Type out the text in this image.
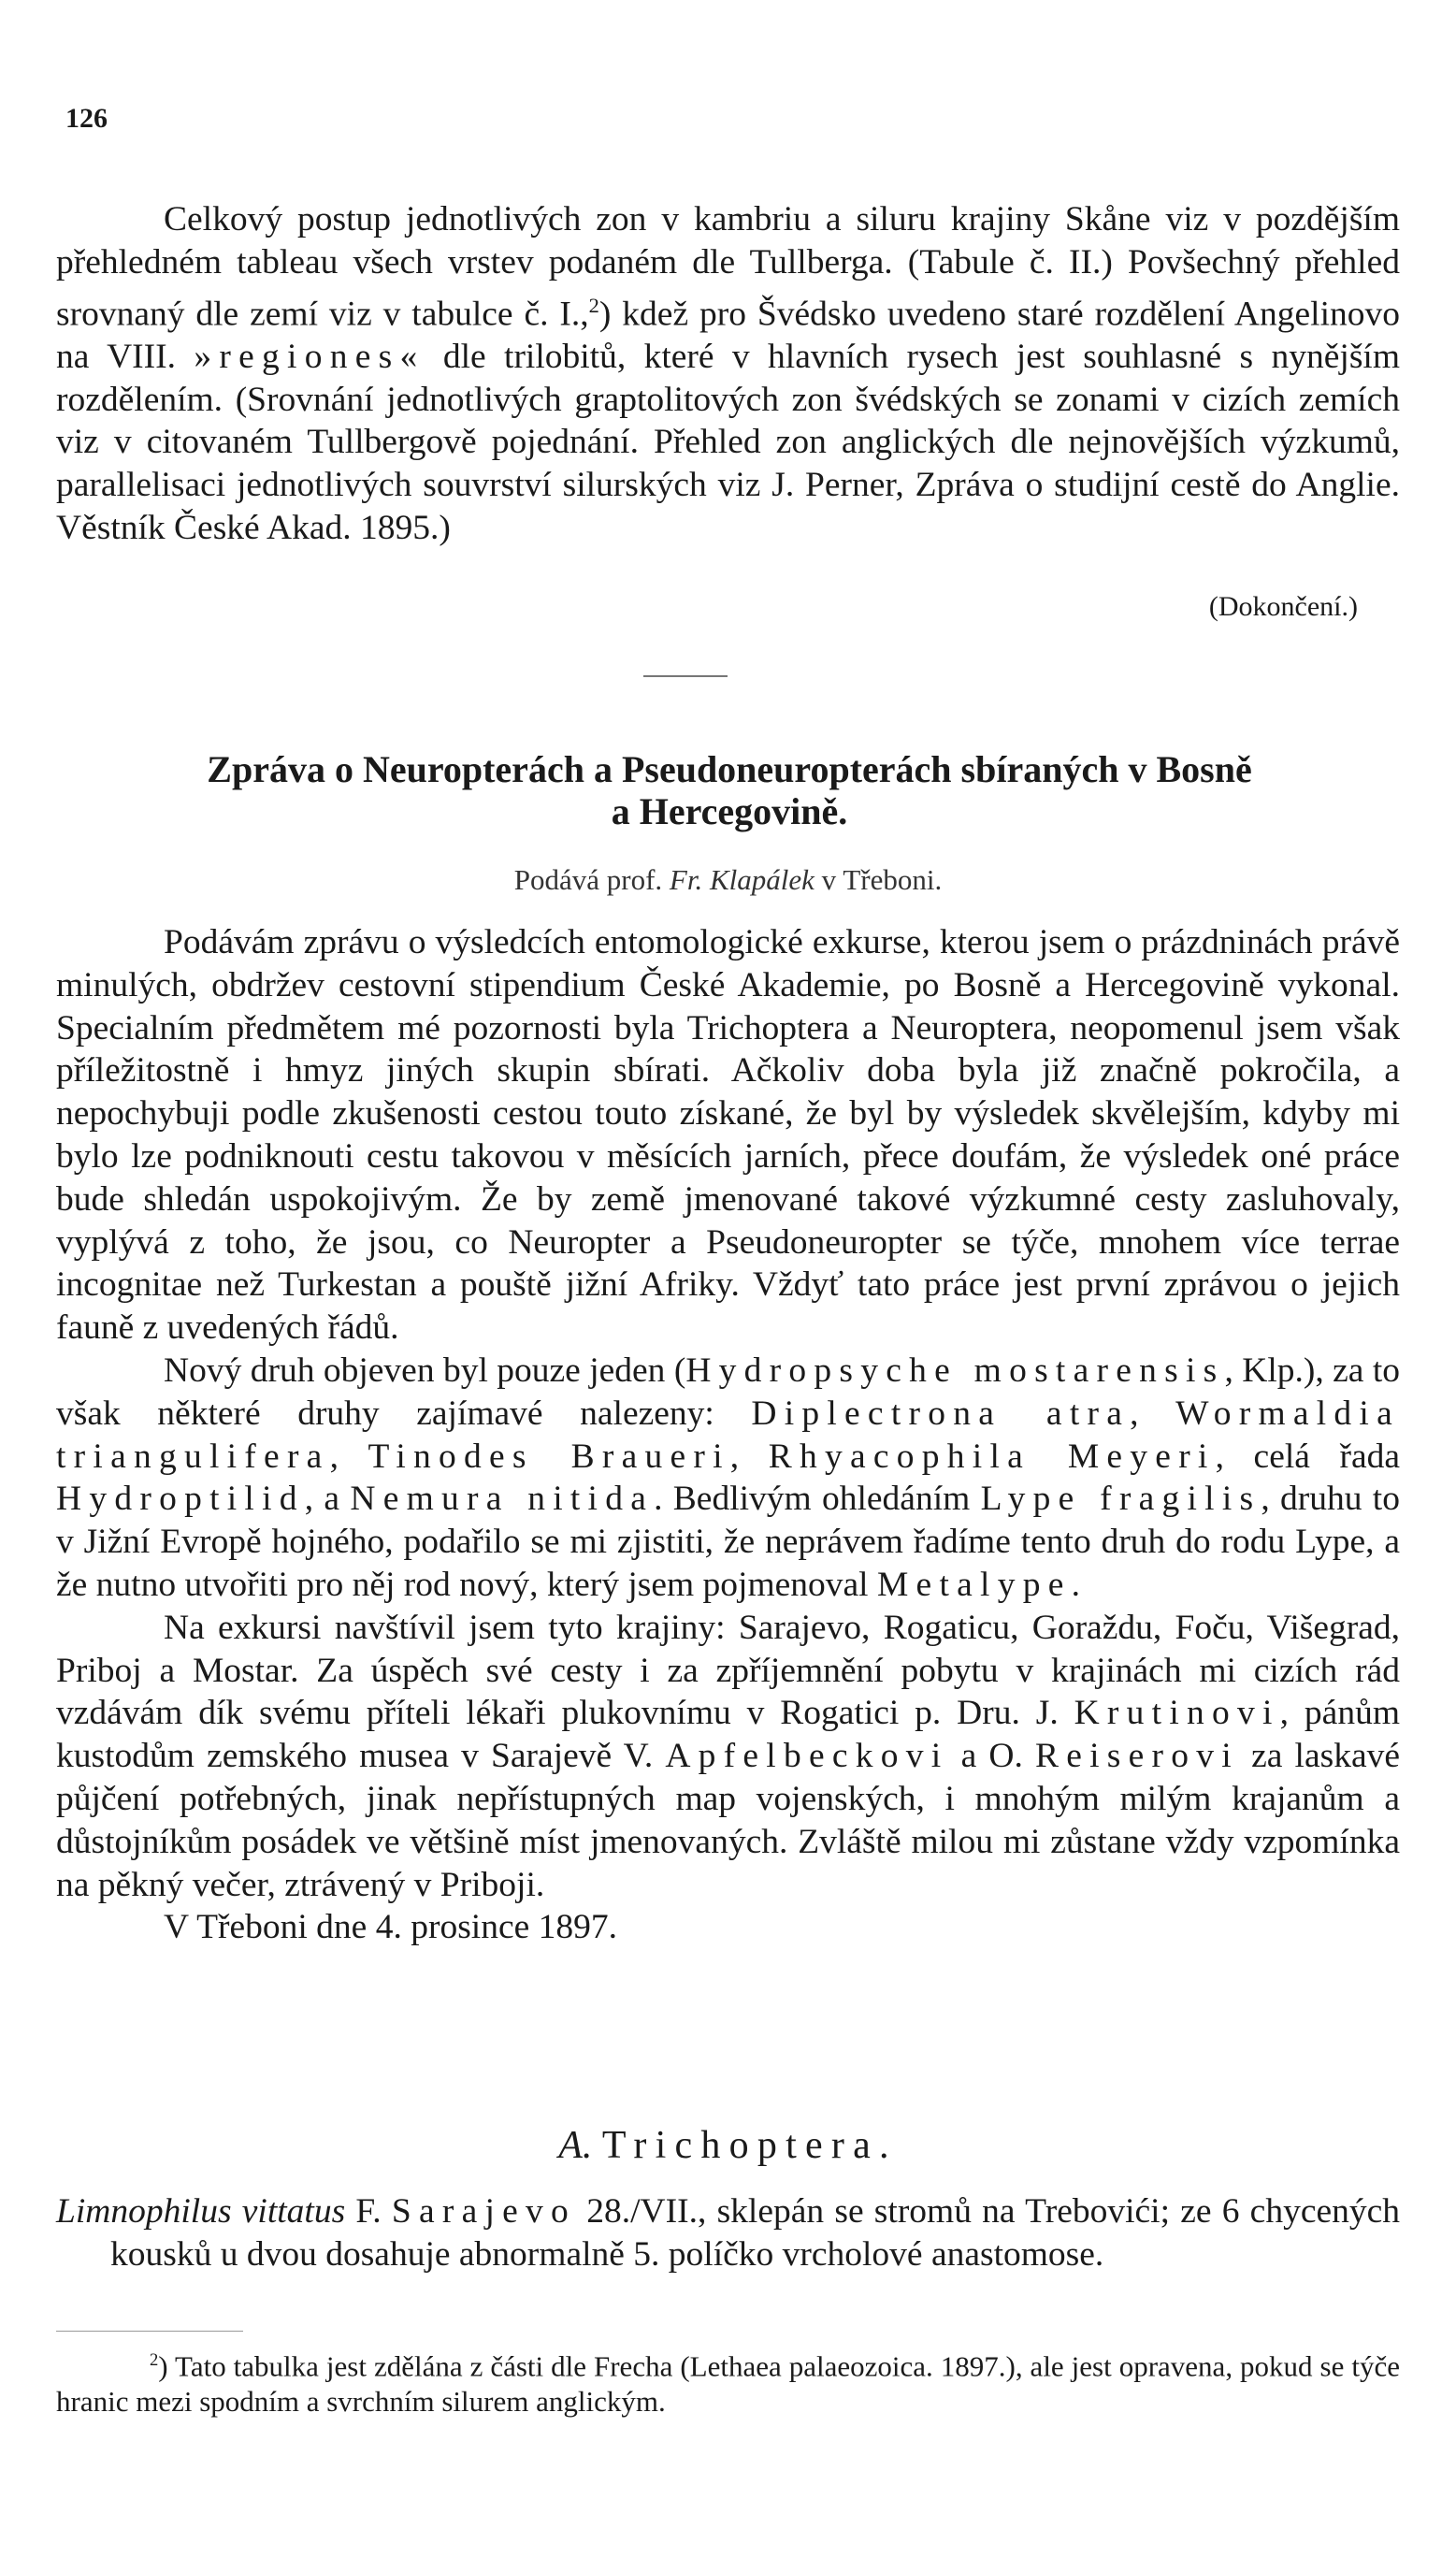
126

Celkový postup jednotlivých zon v kambriu a siluru krajiny Skåne viz v pozdějším přehledném tableau všech vrstev podaném dle Tullberga. (Tabule č. II.) Povšechný přehled srovnaný dle zemí viz v tabulce č. I.,$^2$) kdež pro Švédsko uvedeno staré rozdělení Angelinovo na VIII. »regiones« dle trilobitů, které v hlavních rysech jest souhlasné s nynějším rozdělením. (Srovnání jednotlivých graptolitových zon švédských se zonami v cizích zemích viz v citovaném Tullbergově pojednání. Přehled zon anglických dle nejnovějších výzkumů, parallelisaci jednotlivých souvrství silurských viz J. Perner, Zpráva o studijní cestě do Anglie. Věstník České Akad. 1895.)

(Dokončení.)
Zpráva o Neuropterách a Pseudoneuropterách sbíraných v Bosně
a Hercegovině.
Podává prof. Fr. Klapálek v Třeboni.

Podávám zprávu o výsledcích entomologické exkurse, kterou jsem o prázdninách právě minulých, obdržev cestovní stipendium České Akademie, po Bosně a Hercegovině vykonal. Specialním předmětem mé pozornosti byla Trichoptera a Neuroptera, neopomenul jsem však příležitostně i hmyz jiných skupin sbírati. Ačkoliv doba byla již značně pokročila, a nepochybuji podle zkušenosti cestou touto získané, že byl by výsledek skvělejším, kdyby mi bylo lze podniknouti cestu takovou v měsících jarních, přece doufám, že výsledek oné práce bude shledán uspokojivým. Že by země jmenované takové výzkumné cesty zasluhovaly, vyplývá z toho, že jsou, co Neuropter a Pseudoneuropter se týče, mnohem více terrae incognitae než Turkestan a pouště jižní Afriky. Vždyť tato práce jest první zprávou o jejich fauně z uvedených řádů.

Nový druh objeven byl pouze jeden (Hydropsyche mostarensis, Klp.), za to však některé druhy zajímavé nalezeny: Diplectrona atra, Wormaldia triangulifera, Tinodes Braueri, Rhyacophila Meyeri, celá řada Hydroptilid, a Nemura nitida. Bedlivým ohledáním Lype fragilis, druhu to v Jižní Evropě hojného, podařilo se mi zjistiti, že neprávem řadíme tento druh do rodu Lype, a že nutno utvořiti pro něj rod nový, který jsem pojmenoval Metalype.

Na exkursi navštívil jsem tyto krajiny: Sarajevo, Rogaticu, Goraždu, Foču, Višegrad, Priboj a Mostar. Za úspěch své cesty i za zpříjemnění pobytu v krajinách mi cizích rád vzdávám dík svému příteli lékaři plukovnímu v Rogatici p. Dru. J. Krutinovi, pánům kustodům zemského musea v Sarajevě V. Apfelbeckovi a O. Reiserovi za laskavé půjčení potřebných, jinak nepřístupných map vojenských, i mnohým milým krajanům a důstojníkům posádek ve většině míst jmenovaných. Zvláště milou mi zůstane vždy vzpomínka na pěkný večer, ztrávený v Priboji.

V Třeboni dne 4. prosince 1897.

A. Trichoptera.

Limnophilus vittatus F. Sarajevo 28./VII., sklepán se stromů na Trebovići; ze 6 chycených kousků u dvou dosahuje abnormalně 5. políčko vrcholové anastomose.

$^2$) Tato tabulka jest zdělána z části dle Frecha (Lethaea palaeozoica. 1897.), ale jest opravena, pokud se týče hranic mezi spodním a svrchním silurem anglickým.
